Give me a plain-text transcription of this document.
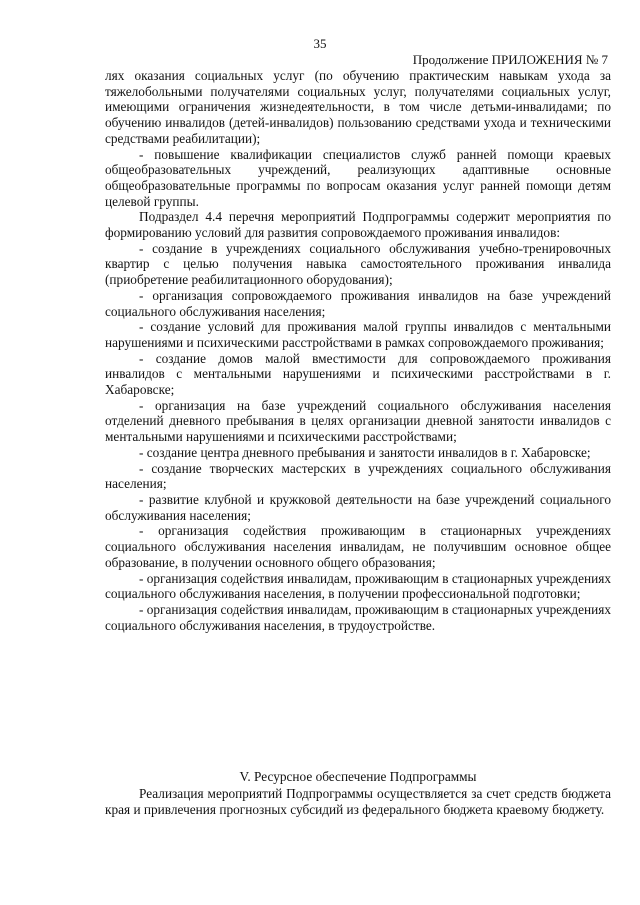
35
Продолжение ПРИЛОЖЕНИЯ № 7

лях оказания социальных услуг (по обучению практическим навыкам ухода за тяжелобольными получателями социальных услуг, получателями социальных услуг, имеющими ограничения жизнедеятельности, в том числе детьми-инвалидами; по обучению инвалидов (детей-инвалидов) пользованию средствами ухода и техническими средствами реабилитации);

- повышение квалификации специалистов служб ранней помощи краевых общеобразовательных учреждений, реализующих адаптивные основные общеобразовательные программы по вопросам оказания услуг ранней помощи детям целевой группы.

Подраздел 4.4 перечня мероприятий Подпрограммы содержит мероприятия по формированию условий для развития сопровождаемого проживания инвалидов:

- создание в учреждениях социального обслуживания учебно-тренировочных квартир с целью получения навыка самостоятельного проживания инвалида (приобретение реабилитационного оборудования);

- организация сопровождаемого проживания инвалидов на базе учреждений социального обслуживания населения;

- создание условий для проживания малой группы инвалидов с ментальными нарушениями и психическими расстройствами в рамках сопровождаемого проживания;

- создание домов малой вместимости для сопровождаемого проживания инвалидов с ментальными нарушениями и психическими расстройствами в г. Хабаровске;

- организация на базе учреждений социального обслуживания населения отделений дневного пребывания в целях организации дневной занятости инвалидов с ментальными нарушениями и психическими расстройствами;

- создание центра дневного пребывания и занятости инвалидов в г. Хабаровске;

- создание творческих мастерских в учреждениях социального обслуживания населения;

- развитие клубной и кружковой деятельности на базе учреждений социального обслуживания населения;

- организация содействия проживающим в стационарных учреждениях социального обслуживания населения инвалидам, не получившим основное общее образование, в получении основного общего образования;

- организация содействия инвалидам, проживающим в стационарных учреждениях социального обслуживания населения, в получении профессиональной подготовки;

- организация содействия инвалидам, проживающим в стационарных учреждениях социального обслуживания населения, в трудоустройстве.

V. Ресурсное обеспечение Подпрограммы

Реализация мероприятий Подпрограммы осуществляется за счет средств бюджета края и привлечения прогнозных субсидий из федерального бюджета краевому бюджету.
